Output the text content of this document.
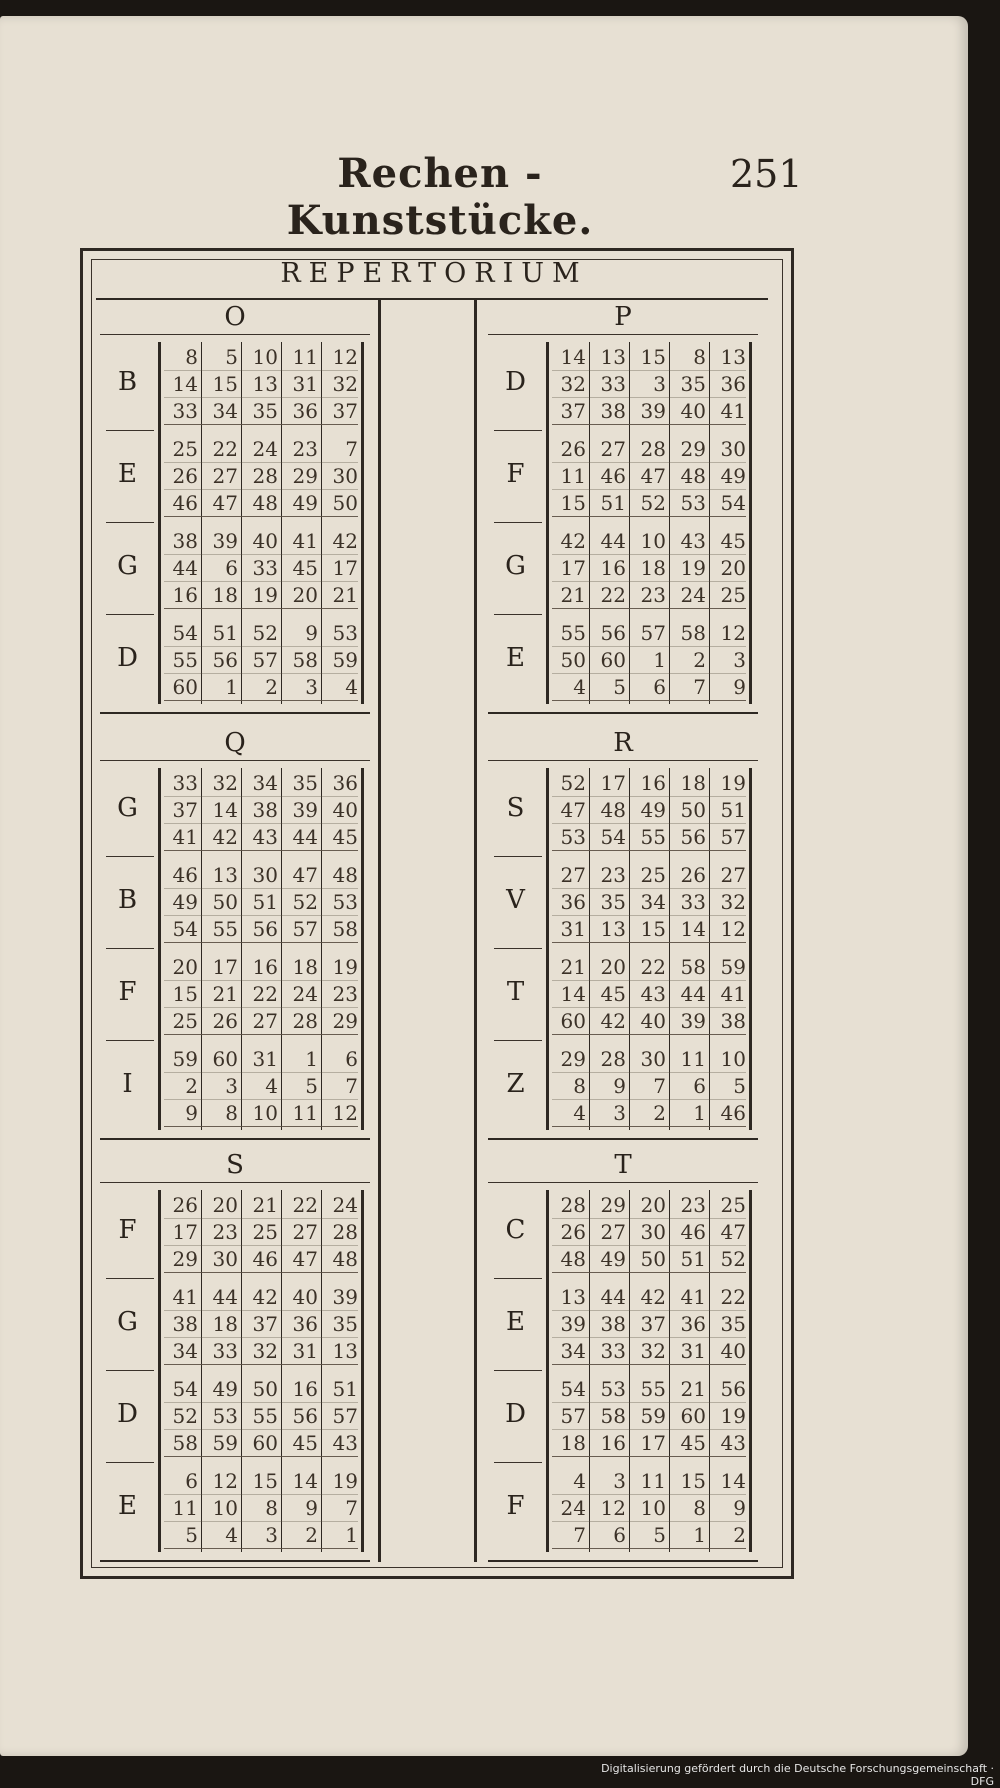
Rechen - Kunststücke.
251
REPERTORIUM
O
B
8	5 10 11 12
14 15 13 31 32
33 34 35 36 37
E
25 22 24 23	7
26 27 28 29 30
46 47 48 49 50
G
38 39 40 41 42
44	6 33 45 17
16 18 19 20 21
D
54 51 52	9 53
55 56 57 58 59
60	1	2	3	4
P
D
14 13 15	8 13
32 33	3 35 36
37 38 39 40 41
F
26 27 28 29 30
11 46 47 48 49
15 51 52 53 54
G
42 44 10 43 45
17 16 18 19 20
21 22 23 24 25
E
55 56 57 58 12
50 60	1	2	3
4	5	6	7	9
Q
G
33 32 34 35 36
37 14 38 39 40
41 42 43 44 45
B
46 13 30 47 48
49 50 51 52 53
54 55 56 57 58
F
20 17 16 18 19
15 21 22 24 23
25 26 27 28 29
I
59 60 31	1	6
2	3	4	5	7
9	8 10 11 12
R
S
52 17 16 18 19
47 48 49 50 51
53 54 55 56 57
V
27 23 25 26 27
36 35 34 33 32
31 13 15 14 12
T
21 20 22 58 59
14 45 43 44 41
60 42 40 39 38
Z
29 28 30 11 10
8	9	7	6	5
4	3	2	1 46
S
F
26 20 21 22 24
17 23 25 27 28
29 30 46 47 48
G
41 44 42 40 39
38 18 37 36 35
34 33 32 31 13
D
54 49 50 16 51
52 53 55 56 57
58 59 60 45 43
E
6 12 15 14 19
11 10	8	9	7
5	4	3	2	1
T
C
28 29 20 23 25
26 27 30 46 47
48 49 50 51 52
E
13 44 42 41 22
39 38 37 36 35
34 33 32 31 40
D
54 53 55 21 56
57 58 59 60 19
18 16 17 45 43
F
4	3 11 15 14
24 12 10	8	9
7	6	5	1	2
Digitalisierung gefördert durch die Deutsche Forschungsgemeinschaft · DFG
